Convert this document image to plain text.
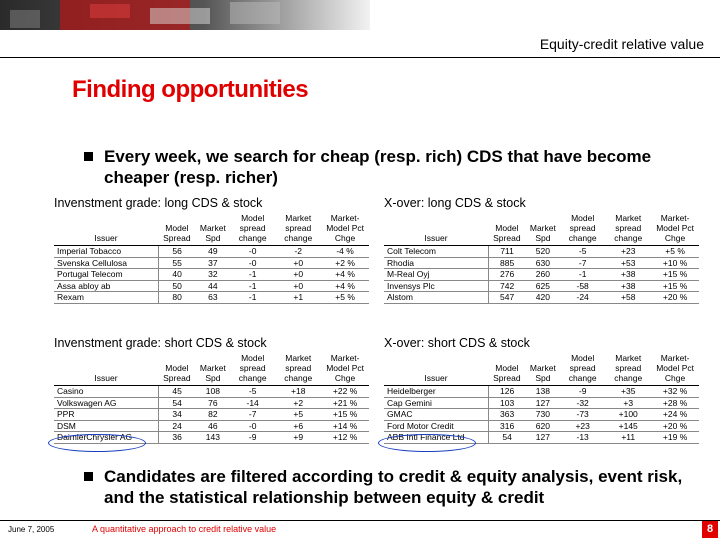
Equity-credit relative value
Finding opportunities
Every week, we search for cheap (resp. rich) CDS that have become cheaper (resp. richer)
Invenstment grade: long CDS & stock
Issuer	Model Spread	Market Spd	Model spread change	Market spread change	Market-Model Pct Chge
Imperial Tobacco	56	49	-0	-2	-4 %
Svenska Cellulosa	55	37	-0	+0	+2 %
Portugal Telecom	40	32	-1	+0	+4 %
Assa abloy ab	50	44	-1	+0	+4 %
Rexam	80	63	-1	+1	+5 %
X-over: long CDS & stock
Issuer	Model Spread	Market Spd	Model spread change	Market spread change	Market-Model Pct Chge
Colt Telecom	711	520	-5	+23	+5 %
Rhodia	885	630	-7	+53	+10 %
M-Real Oyj	276	260	-1	+38	+15 %
Invensys Plc	742	625	-58	+38	+15 %
Alstom	547	420	-24	+58	+20 %
Invenstment grade: short CDS & stock
Issuer	Model Spread	Market Spd	Model spread change	Market spread change	Market-Model Pct Chge
Casino	45	108	-5	+18	+22 %
Volkswagen AG	54	76	-14	+2	+21 %
PPR	34	82	-7	+5	+15 %
DSM	24	46	-0	+6	+14 %
DaimlerChrysler AG	36	143	-9	+9	+12 %
X-over: short CDS & stock
Issuer	Model Spread	Market Spd	Model spread change	Market spread change	Market-Model Pct Chge
Heidelberger	126	138	-9	+35	+32 %
Cap Gemini	103	127	-32	+3	+28 %
GMAC	363	730	-73	+100	+24 %
Ford Motor Credit	316	620	+23	+145	+20 %
ABB Intl Finance Ltd	54	127	-13	+11	+19 %
Candidates are filtered according to credit & equity analysis, event risk, and the statistical relationship between equity & credit
June 7, 2005	A quantitative approach to credit relative value	8
